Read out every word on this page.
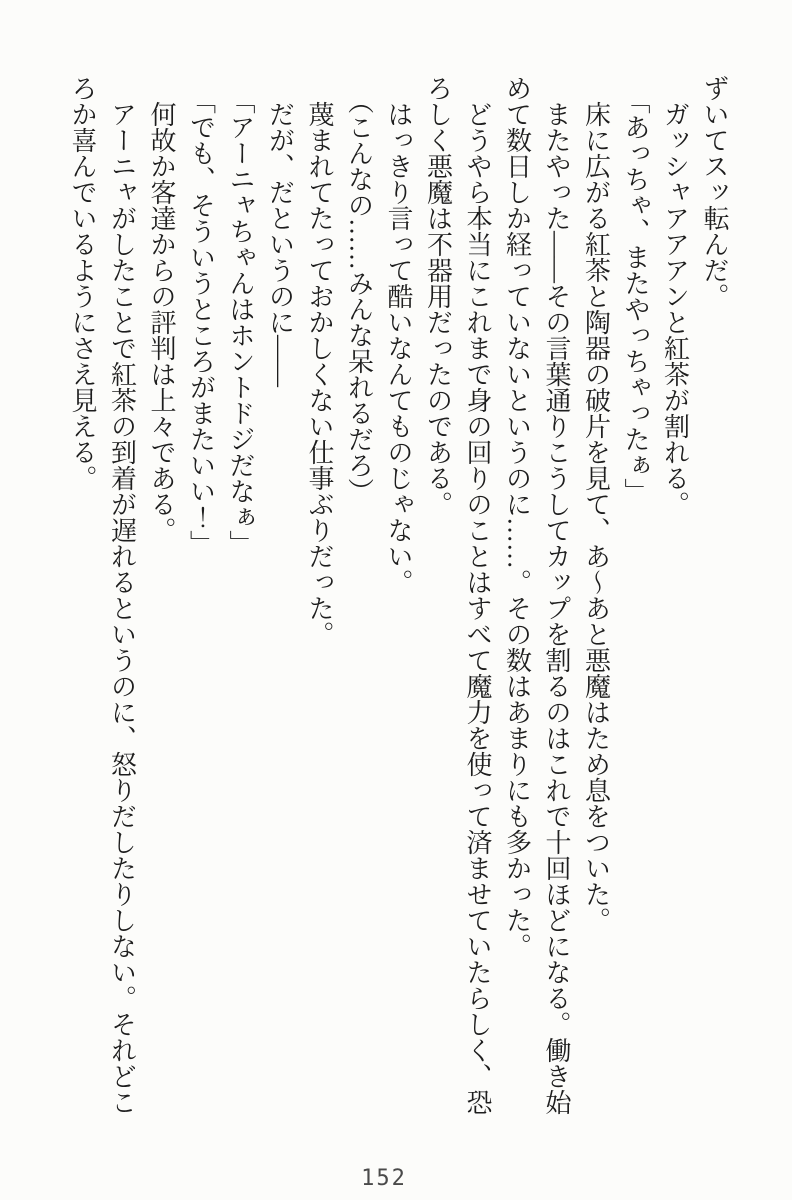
ずいてスッ転んだ。
ガッシャアアアンと紅茶が割れる。
「あっちゃ、またやっちゃったぁ」
床に広がる紅茶と陶器の破片を見て、あ〜あと悪魔はため息をついた。
またやった――その言葉通りこうしてカップを割るのはこれで十回ほどになる。働き始
めて数日しか経っていないというのに……。その数はあまりにも多かった。
どうやら本当にこれまで身の回りのことはすべて魔力を使って済ませていたらしく、恐
ろしく悪魔は不器用だったのである。
はっきり言って酷いなんてものじゃない。
（こんなの……みんな呆れるだろ）
蔑まれてたっておかしくない仕事ぶりだった。
だが、だというのに――
「アーニャちゃんはホントドジだなぁ」
「でも、そういうところがまたいい！」
何故か客達からの評判は上々である。
アーニャがしたことで紅茶の到着が遅れるというのに、怒りだしたりしない。それどこ
ろか喜んでいるようにさえ見える。
152
